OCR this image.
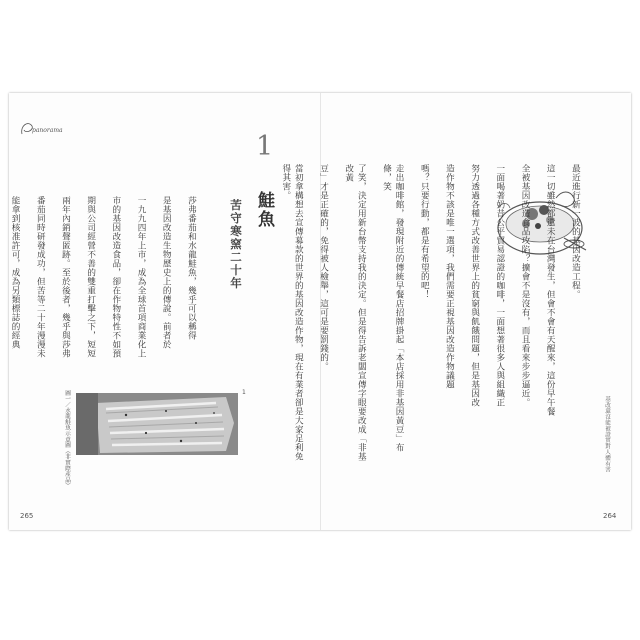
panorama
1
鮭魚
苦守寒窯二十年

莎弗番茄和水龍鮭魚，幾乎可以稱得

是基因改造生物歷史上的傳說。前者於

一九九四年上市，成為全球首項商業化上

市的基因改造食品，卻在作物特性不如預

期與公司經營不善的雙重打擊之下，短短

兩年內銷聲匿跡。至於後者，幾乎與莎弗

番茄同時研發成功，但苦等二十年漫漫未

能拿到核准許可，成為另類標誌的經典

1
圖一／水龍鮭魚示意圖（非實際產品）
265

最近進行新一波的基因改造工程。

這一切雖然都還未在台灣發生，但會不會有天醒來，這份早午餐

全被基因改造食品攻陷？擴會不是沒有，而且看來步步逼近。

一面喝著奶昔公平貿易認證的咖啡，一面想著很多人與組織正

努力透過各種方式改善世界上的貧窮與飢餓問題，但是基因改

造作物不該是唯一選項，我們需要正視基因改造作物議題

嗎？只要行動，都是有希望的吧！

走出咖啡館，發現附近的傳統早餐店招牌掛起「本店採用非基因黃豆」布條，笑

了笑，決定用新台幣支持我的決定。但是得告訴老闆宣傳字眼要改成「非基改黃

豆」才是正確的，免得被人檢舉，這可是要罰錢的。

當初拿構想去宣傳募款的世界的基因改造作物，現在有業者卻是大家足利免得其害。

基改還沒能被證實對人體有害
264
